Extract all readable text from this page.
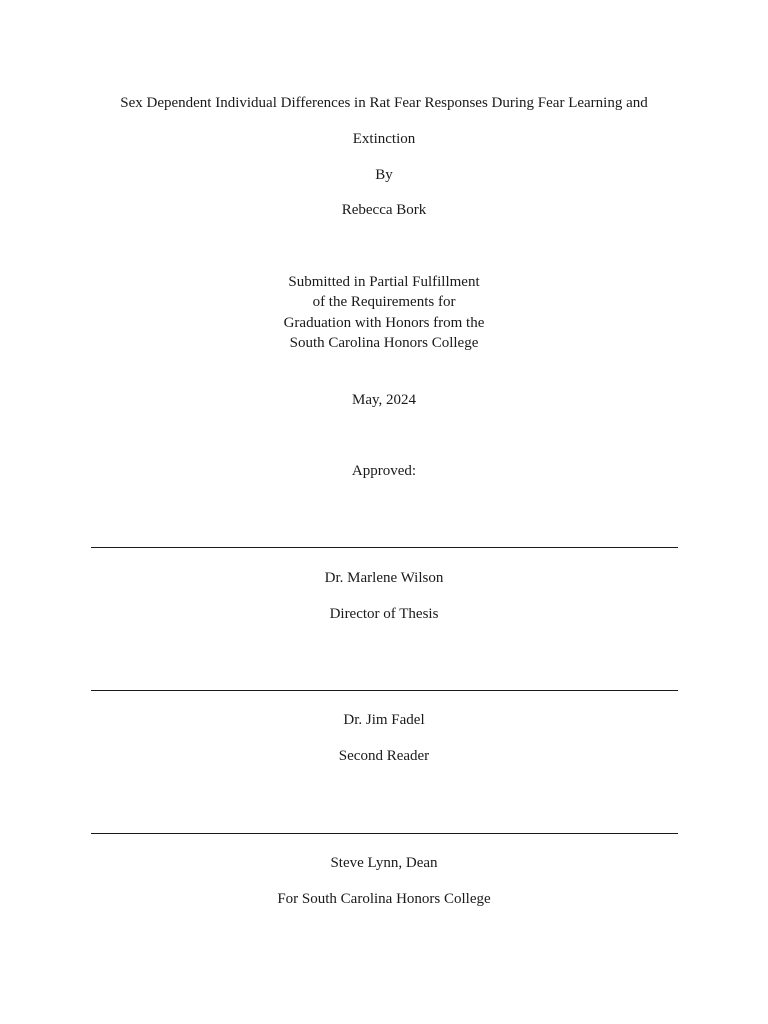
Sex Dependent Individual Differences in Rat Fear Responses During Fear Learning and
Extinction
By
Rebecca Bork
Submitted in Partial Fulfillment
of the Requirements for
Graduation with Honors from the
South Carolina Honors College
May, 2024
Approved:
Dr. Marlene Wilson
Director of Thesis
Dr. Jim Fadel
Second Reader
Steve Lynn, Dean
For South Carolina Honors College
